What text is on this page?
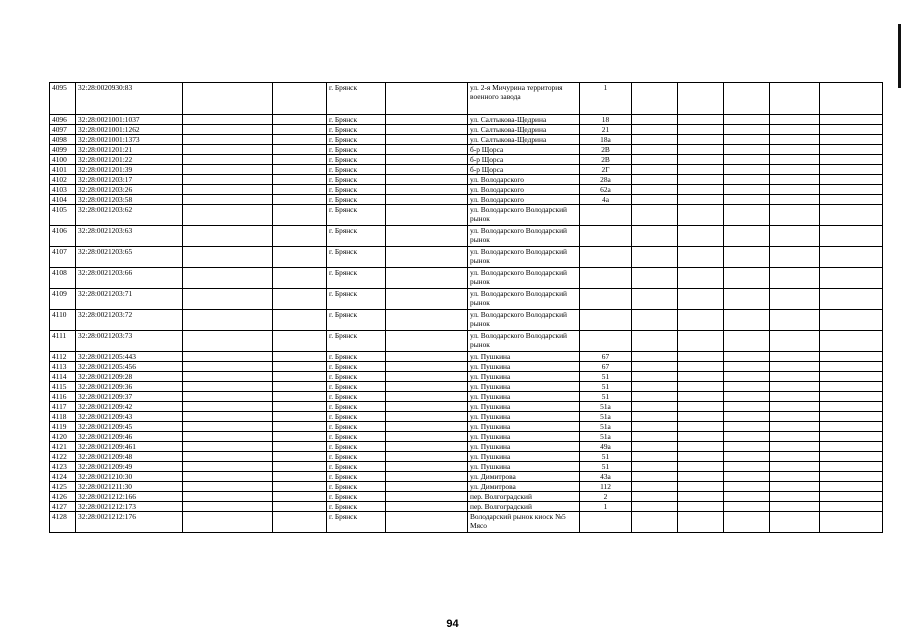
4095	32:28:0020930:83			г. Брянск		ул. 2-я Мичурина территория военного завода	1					
4096	32:28:0021001:1037			г. Брянск		ул. Салтыкова-Щедрина	18					
4097	32:28:0021001:1262			г. Брянск		ул. Салтыкова-Щедрина	21					
4098	32:28:0021001:1373			г. Брянск		ул. Салтыкова-Щедрина	18а					
4099	32:28:0021201:21			г. Брянск		б-р Щорса	2В					
4100	32:28:0021201:22			г. Брянск		б-р Щорса	2В					
4101	32:28:0021201:39			г. Брянск		б-р Щорса	2Г					
4102	32:28:0021203:17			г. Брянск		ул. Володарского	28а					
4103	32:28:0021203:26			г. Брянск		ул. Володарского	62а					
4104	32:28:0021203:58			г. Брянск		ул. Володарского	4а					
4105	32:28:0021203:62			г. Брянск		ул. Володарского Володарский рынок						
4106	32:28:0021203:63			г. Брянск		ул. Володарского Володарский рынок						
4107	32:28:0021203:65			г. Брянск		ул. Володарского Володарский рынок						
4108	32:28:0021203:66			г. Брянск		ул. Володарского Володарский рынок						
4109	32:28:0021203:71			г. Брянск		ул. Володарского Володарский рынок						
4110	32:28:0021203:72			г. Брянск		ул. Володарского Володарский рынок						
4111	32:28:0021203:73			г. Брянск		ул. Володарского Володарский рынок						
4112	32:28:0021205:443			г. Брянск		ул. Пушкина	67					
4113	32:28:0021205:456			г. Брянск		ул. Пушкина	67					
4114	32:28:0021209:28			г. Брянск		ул. Пушкина	51					
4115	32:28:0021209:36			г. Брянск		ул. Пушкина	51					
4116	32:28:0021209:37			г. Брянск		ул. Пушкина	51					
4117	32:28:0021209:42			г. Брянск		ул. Пушкина	51а					
4118	32:28:0021209:43			г. Брянск		ул. Пушкина	51а					
4119	32:28:0021209:45			г. Брянск		ул. Пушкина	51а					
4120	32:28:0021209:46			г. Брянск		ул. Пушкина	51а					
4121	32:28:0021209:461			г. Брянск		ул. Пушкина	49а					
4122	32:28:0021209:48			г. Брянск		ул. Пушкина	51					
4123	32:28:0021209:49			г. Брянск		ул. Пушкина	51					
4124	32:28:0021210:30			г. Брянск		ул. Димитрова	43а					
4125	32:28:0021211:30			г. Брянск		ул. Димитрова	112					
4126	32:28:0021212:166			г. Брянск		пер. Волгоградский	2					
4127	32:28:0021212:173			г. Брянск		пер. Волгоградский	1					
4128	32:28:0021212:176			г. Брянск		Володарский рынок киоск №5 Мясо						
94
